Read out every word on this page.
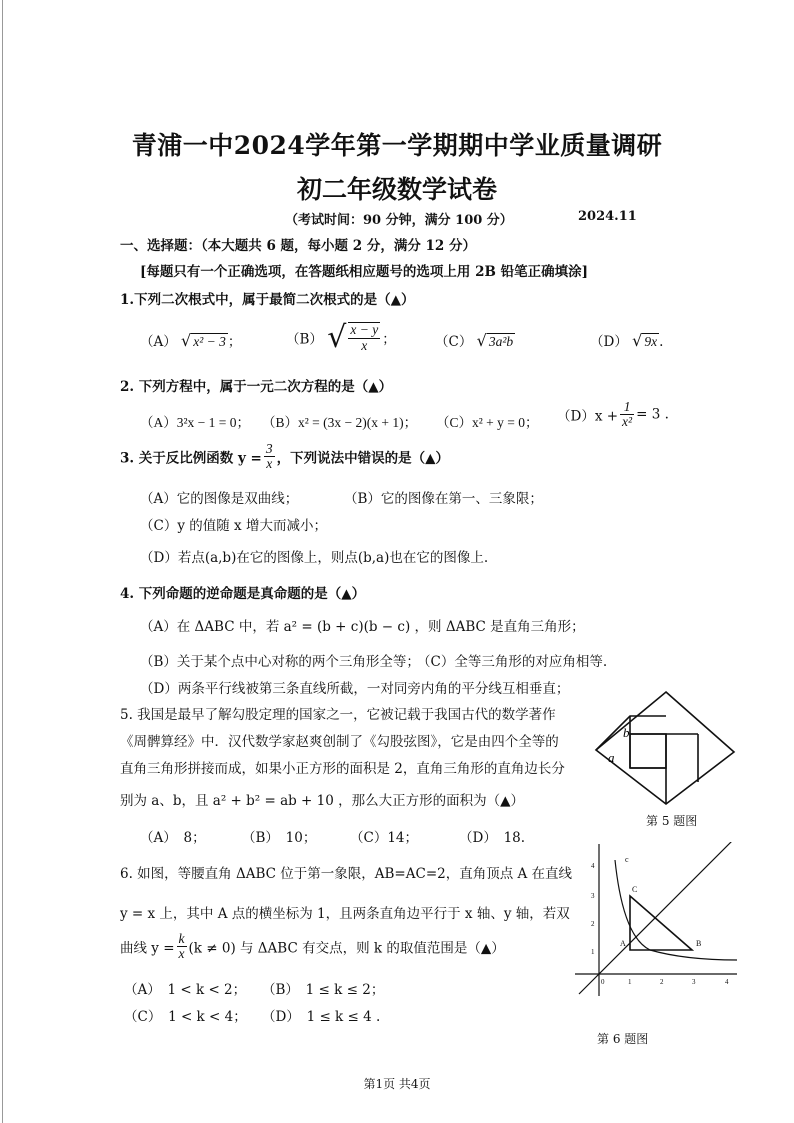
青浦一中2024学年第一学期期中学业质量调研
初二年级数学试卷
（考试时间：90 分钟，满分 100 分）	2024.11
一、选择题：（本大题共 6 题，每小题 2 分，满分 12 分）
[每题只有一个正确选项，在答题纸相应题号的选项上用 2B 铅笔正确填涂]
1.下列二次根式中，属于最简二次根式的是（▲）
（A） √ x² − 3 ；	（B） √ $\frac{x - y}{x}$ ；	（C） √ 3a²b	（D） √ 9x .
2. 下列方程中，属于一元二次方程的是（▲）
（A）3²x − 1 = 0； （B）x² = (3x − 2)(x + 1)； （C）x² + y = 0； $(D)x + \frac{1}{\text{x²}} = 3$ .
3. 关于反比例函数 $y = \frac{3}{x}$ ，下列说法中错误的是（▲）
（A）它的图像是双曲线；	（B）它的图像在第一、三象限；
（C）y 的值随 x 增大而减小；
（D）若点(a,b)在它的图像上，则点(b,a)也在它的图像上.
4. 下列命题的逆命题是真命题的是（▲）
（A）在 ΔABC 中，若 a² = (b + c)(b − c) ，则 ΔABC 是直角三角形；
（B）关于某个点中心对称的两个三角形全等；
（C）全等三角形的对应角相等.
（D）两条平行线被第三条直线所截，一对同旁内角的平分线互相垂直；
5. 我国是最早了解勾股定理的国家之一，它被记载于我国古代的数学著作
《周髀算经》中．汉代数学家赵爽创制了《勾股弦图》，它是由四个全等的
直角三角形拼接而成，如果小正方形的面积是 2，直角三角形的直角边长分
别为 a、b，且 a² + b² = ab + 10 ，那么大正方形的面积为（▲）
（A）　8；	（B）　10； （C）14；	（D）　18.
b
a
第 5 题图
6. 如图，等腰直角 ΔABC 位于第一象限，AB=AC=2，直角顶点 A 在直线
y = x 上，其中 A 点的横坐标为 1，且两条直角边平行于 x 轴、y 轴，若双
曲线 $y = \frac{k}{x} (k \ne 0)$ 与 ΔABC 有交点，则 k 的取值范围是（▲）
（A）　1 < k < 2； （B）　1 ≤ k ≤ 2；
（C）　1 < k < 4； （D）　1 ≤ k ≤ 4 .
1
2
3
4
0	1	2	3	4
A	B
C
c
第 6 题图
第1页 共4页
